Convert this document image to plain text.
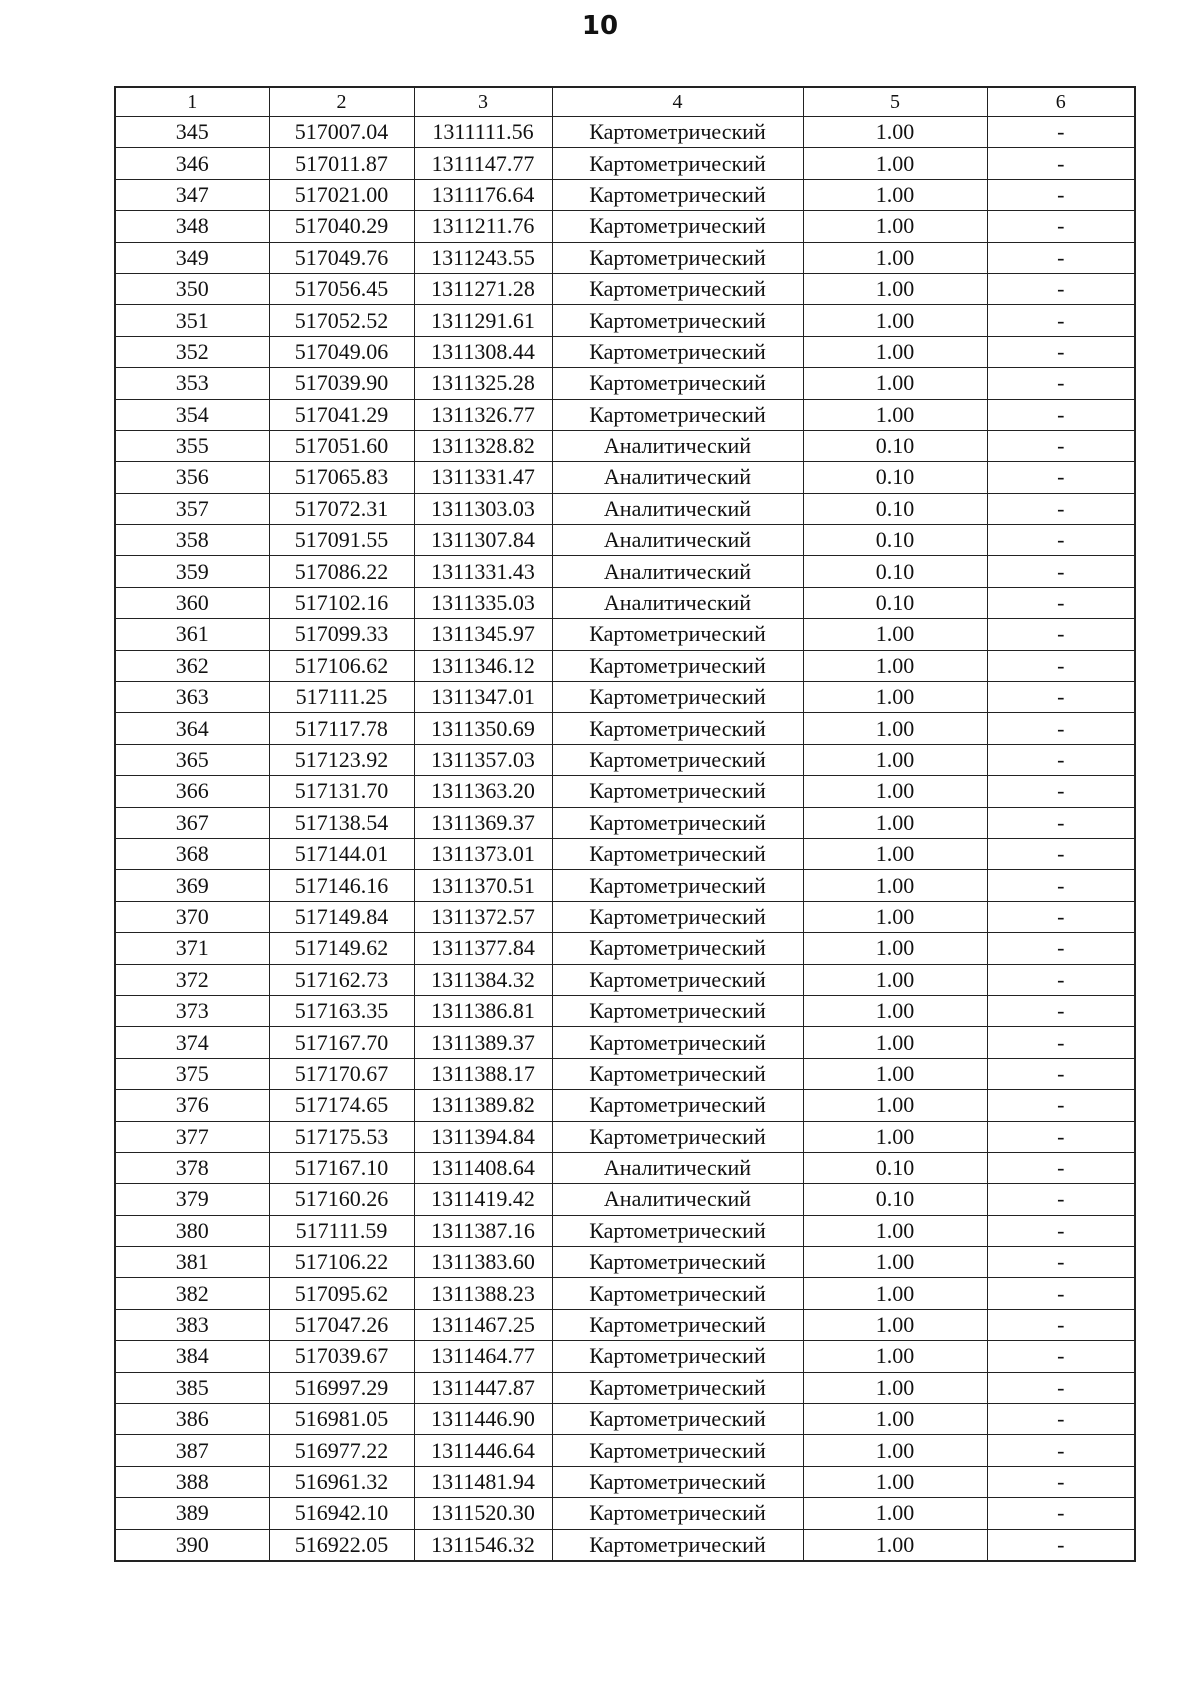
10
1	2	3	4	5	6
345	517007.04	1311111.56	Картометрический	1.00	-
346	517011.87	1311147.77	Картометрический	1.00	-
347	517021.00	1311176.64	Картометрический	1.00	-
348	517040.29	1311211.76	Картометрический	1.00	-
349	517049.76	1311243.55	Картометрический	1.00	-
350	517056.45	1311271.28	Картометрический	1.00	-
351	517052.52	1311291.61	Картометрический	1.00	-
352	517049.06	1311308.44	Картометрический	1.00	-
353	517039.90	1311325.28	Картометрический	1.00	-
354	517041.29	1311326.77	Картометрический	1.00	-
355	517051.60	1311328.82	Аналитический	0.10	-
356	517065.83	1311331.47	Аналитический	0.10	-
357	517072.31	1311303.03	Аналитический	0.10	-
358	517091.55	1311307.84	Аналитический	0.10	-
359	517086.22	1311331.43	Аналитический	0.10	-
360	517102.16	1311335.03	Аналитический	0.10	-
361	517099.33	1311345.97	Картометрический	1.00	-
362	517106.62	1311346.12	Картометрический	1.00	-
363	517111.25	1311347.01	Картометрический	1.00	-
364	517117.78	1311350.69	Картометрический	1.00	-
365	517123.92	1311357.03	Картометрический	1.00	-
366	517131.70	1311363.20	Картометрический	1.00	-
367	517138.54	1311369.37	Картометрический	1.00	-
368	517144.01	1311373.01	Картометрический	1.00	-
369	517146.16	1311370.51	Картометрический	1.00	-
370	517149.84	1311372.57	Картометрический	1.00	-
371	517149.62	1311377.84	Картометрический	1.00	-
372	517162.73	1311384.32	Картометрический	1.00	-
373	517163.35	1311386.81	Картометрический	1.00	-
374	517167.70	1311389.37	Картометрический	1.00	-
375	517170.67	1311388.17	Картометрический	1.00	-
376	517174.65	1311389.82	Картометрический	1.00	-
377	517175.53	1311394.84	Картометрический	1.00	-
378	517167.10	1311408.64	Аналитический	0.10	-
379	517160.26	1311419.42	Аналитический	0.10	-
380	517111.59	1311387.16	Картометрический	1.00	-
381	517106.22	1311383.60	Картометрический	1.00	-
382	517095.62	1311388.23	Картометрический	1.00	-
383	517047.26	1311467.25	Картометрический	1.00	-
384	517039.67	1311464.77	Картометрический	1.00	-
385	516997.29	1311447.87	Картометрический	1.00	-
386	516981.05	1311446.90	Картометрический	1.00	-
387	516977.22	1311446.64	Картометрический	1.00	-
388	516961.32	1311481.94	Картометрический	1.00	-
389	516942.10	1311520.30	Картометрический	1.00	-
390	516922.05	1311546.32	Картометрический	1.00	-
